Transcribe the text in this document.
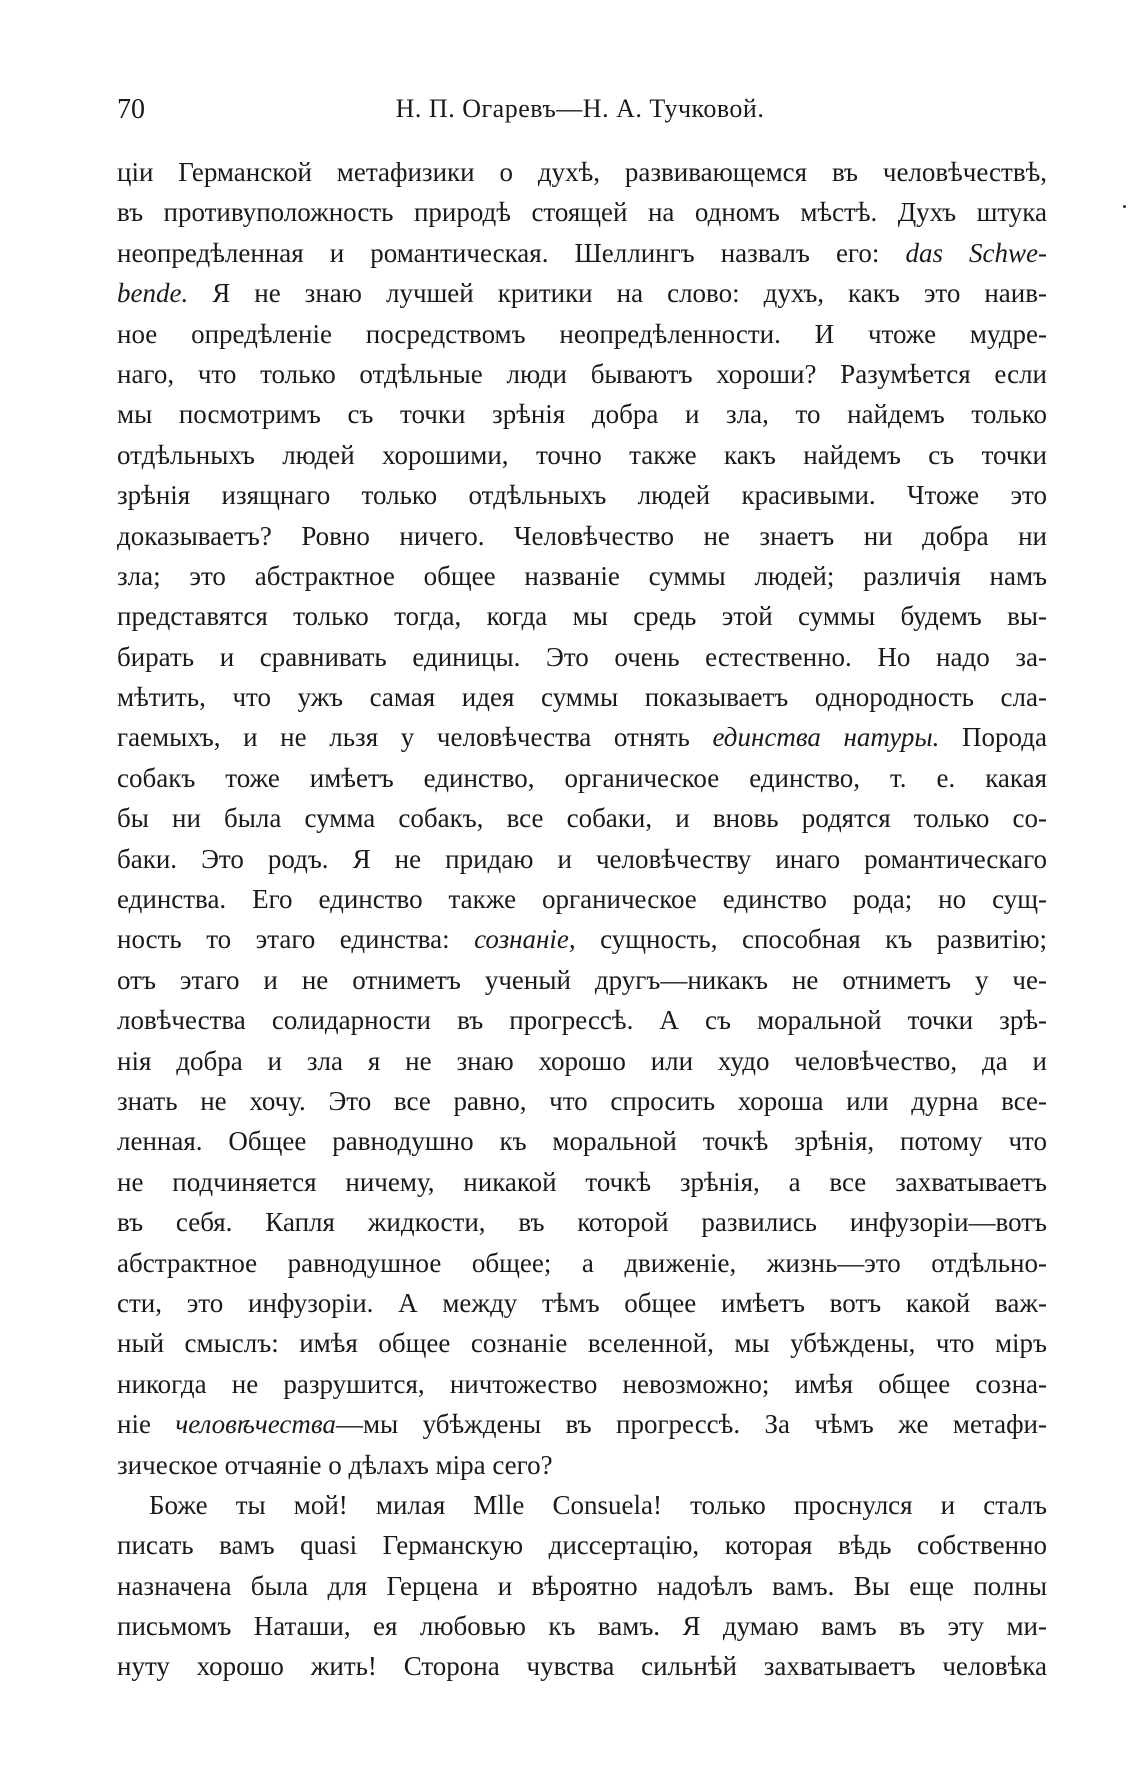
70	Н. П. Огаревъ—Н. А. Тучковой.
ціи Германской метафизики о духѣ, развивающемся въ человѣчествѣ,
въ противуположность природѣ стоящей на одномъ мѣстѣ. Духъ штука
неопредѣленная и романтическая. Шеллингъ назвалъ его: das Schwe-
bende. Я не знаю лучшей критики на слово: духъ, какъ это наив-
ное опредѣленіе посредствомъ неопредѣленности. И чтоже мудре-
наго, что только отдѣльные люди бываютъ хороши? Разумѣется если
мы посмотримъ съ точки зрѣнія добра и зла, то найдемъ только
отдѣльныхъ людей хорошими, точно также какъ найдемъ съ точки
зрѣнія изящнаго только отдѣльныхъ людей красивыми. Чтоже это
доказываетъ? Ровно ничего. Человѣчество не знаетъ ни добра ни
зла; это абстрактное общее названіе суммы людей; различія намъ
представятся только тогда, когда мы средь этой суммы будемъ вы-
бирать и сравнивать единицы. Это очень естественно. Но надо за-
мѣтить, что ужъ самая идея суммы показываетъ однородность сла-
гаемыхъ, и не льзя у человѣчества отнять единства натуры. Порода
собакъ тоже имѣетъ единство, органическое единство, т. е. какая
бы ни была сумма собакъ, все собаки, и вновь родятся только со-
баки. Это родъ. Я не придаю и человѣчеству инаго романтическаго
единства. Его единство также органическое единство рода; но сущ-
ность то этаго единства: сознаніе, сущность, способная къ развитію;
отъ этаго и не отниметъ ученый другъ—никакъ не отниметъ у че-
ловѣчества солидарности въ прогрессѣ. А съ моральной точки зрѣ-
нія добра и зла я не знаю хорошо или худо человѣчество, да и
знать не хочу. Это все равно, что спросить хороша или дурна все-
ленная. Общее равнодушно къ моральной точкѣ зрѣнія, потому что
не подчиняется ничему, никакой точкѣ зрѣнія, а все захватываетъ
въ себя. Капля жидкости, въ которой развились инфузоріи—вотъ
абстрактное равнодушное общее; а движеніе, жизнь—это отдѣльно-
сти, это инфузоріи. А между тѣмъ общее имѣетъ вотъ какой важ-
ный смыслъ: имѣя общее сознаніе вселенной, мы убѣждены, что міръ
никогда не разрушится, ничтожество невозможно; имѣя общее созна-
ніе человѣчества—мы убѣждены въ прогрессѣ. За чѣмъ же метафи-
зическое отчаяніе о дѣлахъ міра сего?
Боже ты мой! милая Mlle Consuela! только проснулся и сталъ
писать вамъ quasi Германскую диссертацію, которая вѣдь собственно
назначена была для Герцена и вѣроятно надоѣлъ вамъ. Вы еще полны
письмомъ Наташи, ея любовью къ вамъ. Я думаю вамъ въ эту ми-
нуту хорошо жить! Сторона чувства сильнѣй захватываетъ человѣка
